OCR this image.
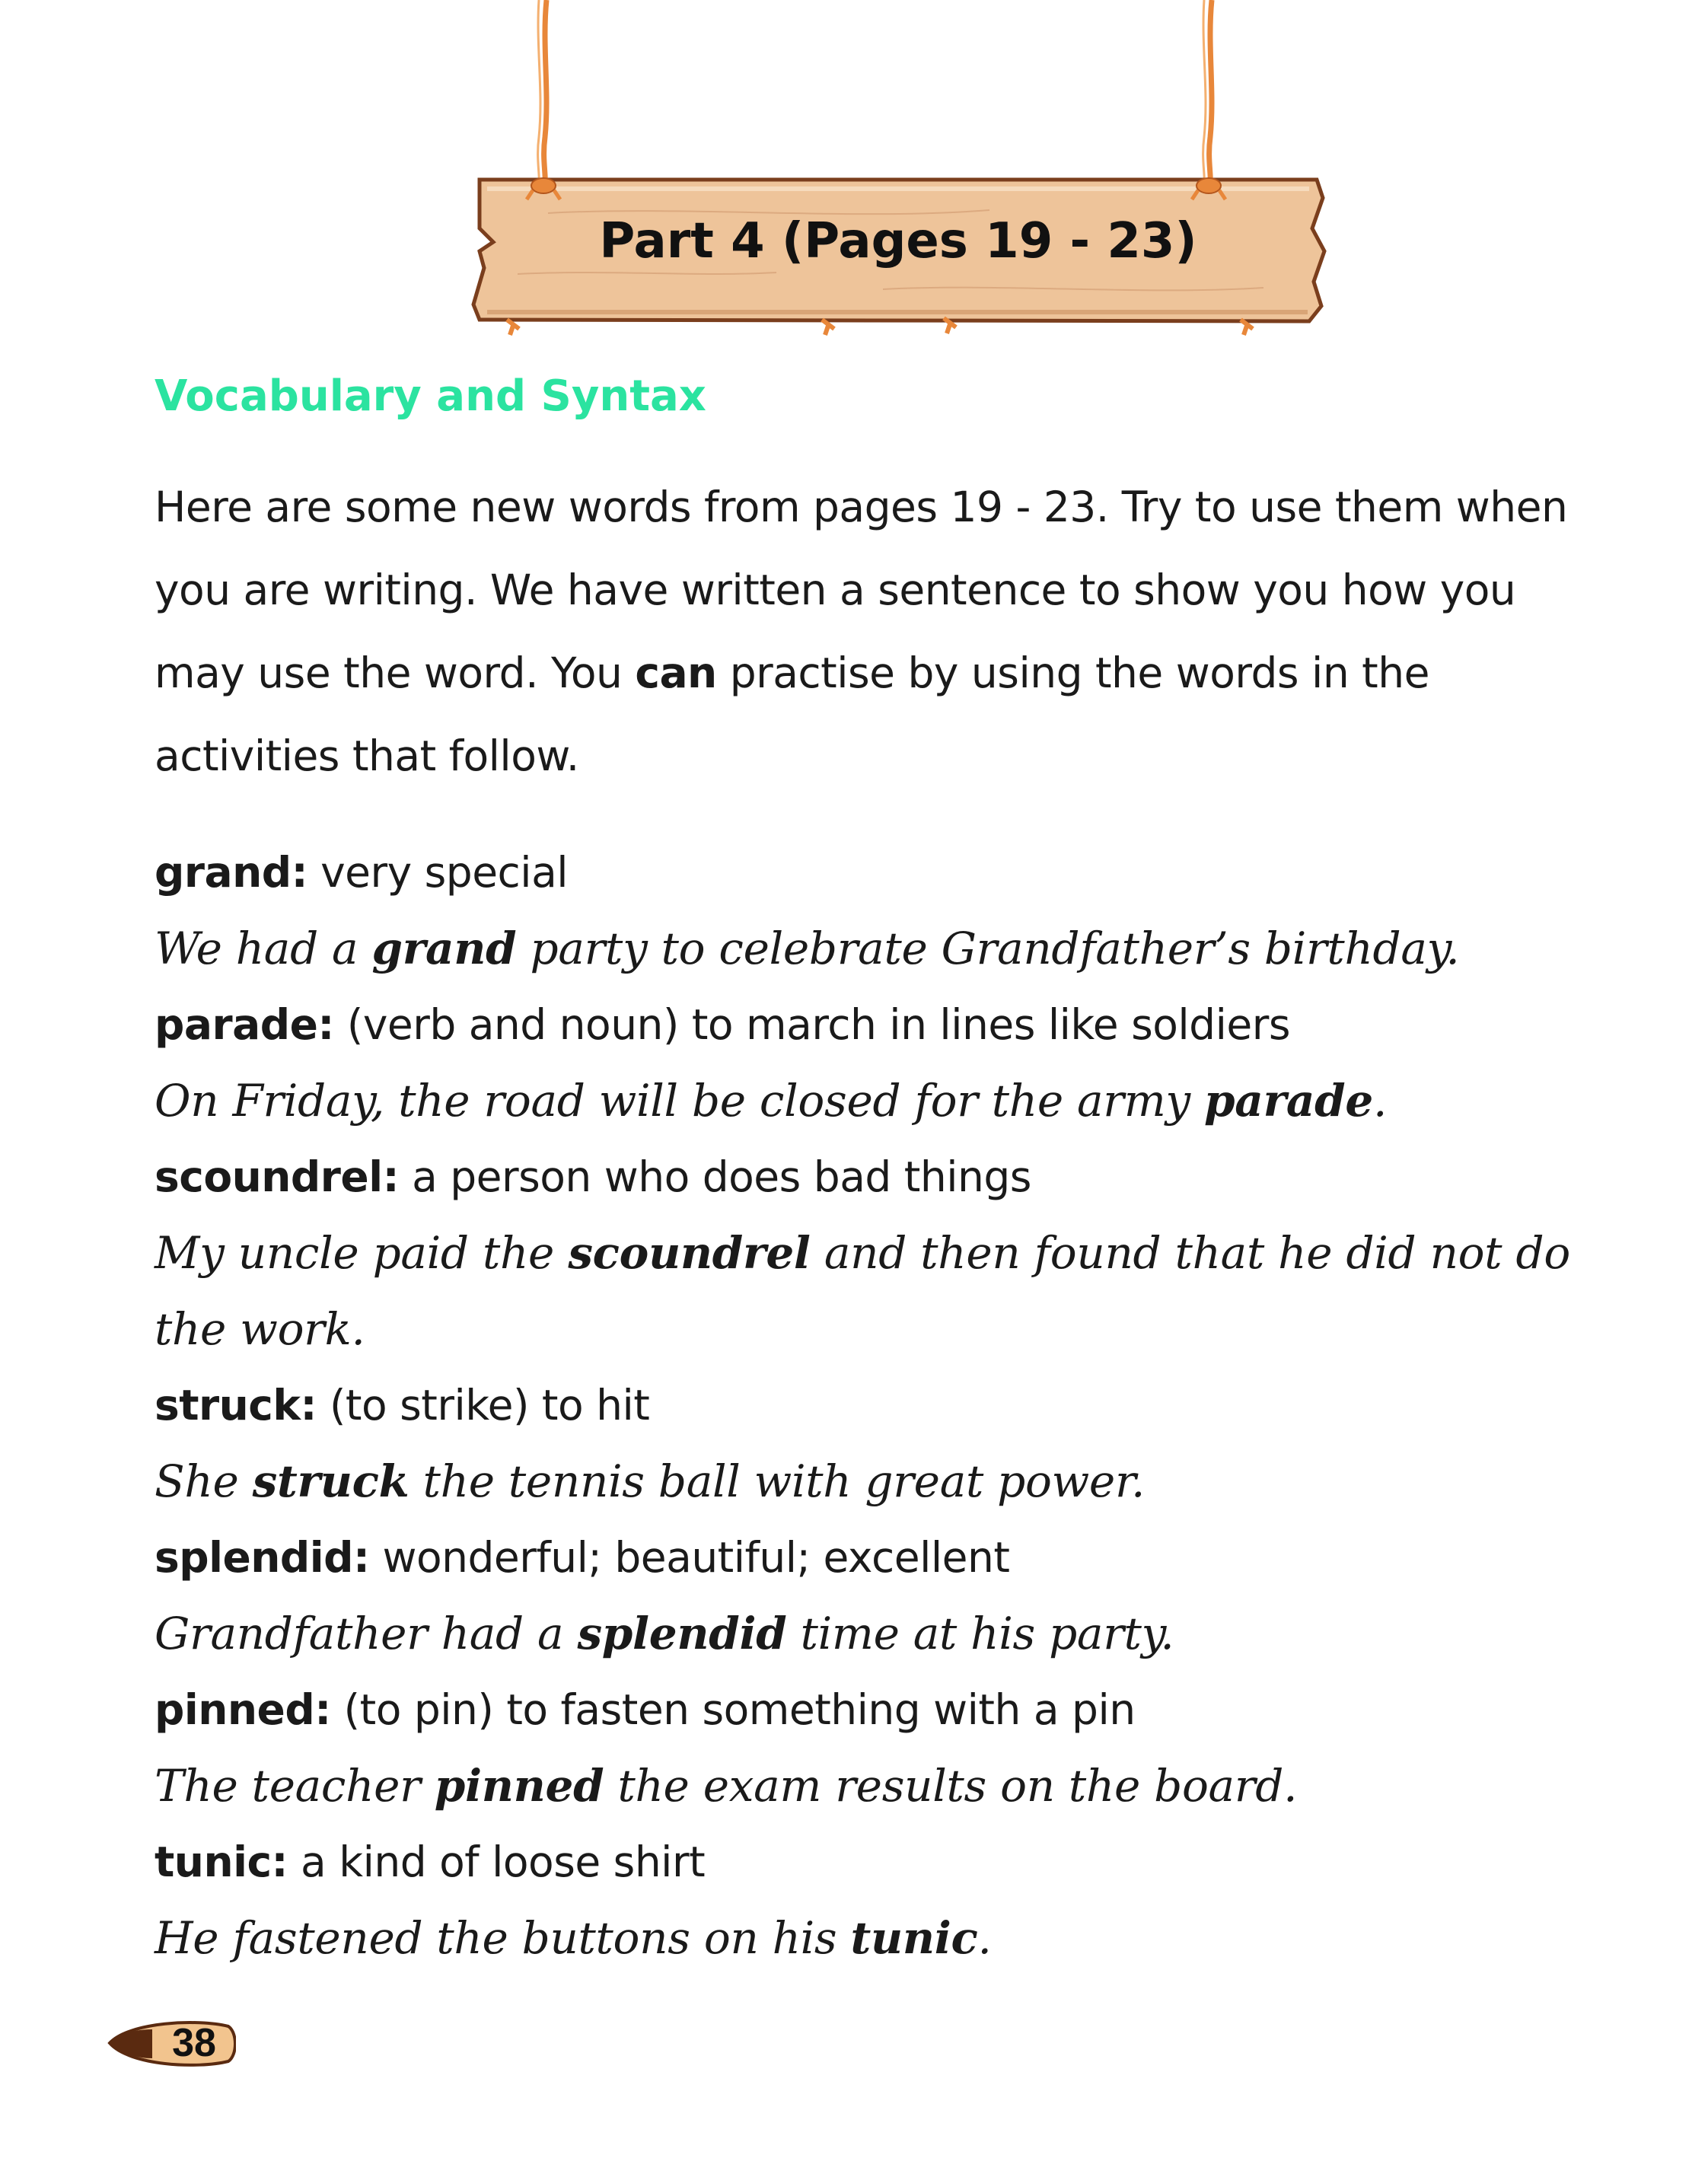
Part 4 (Pages 19 - 23)
Vocabulary and Syntax

Here are some new words from pages 19 - 23. Try to use them when you are writing. We have written a sentence to show you how you may use the word. You can practise by using the words in the activities that follow.

grand: very special

We had a grand party to celebrate Grandfather’s birthday.

parade: (verb and noun) to march in lines like soldiers

On Friday, the road will be closed for the army parade.

scoundrel: a person who does bad things

My uncle paid the scoundrel and then found that he did not do the work.

struck: (to strike) to hit

She struck the tennis ball with great power.

splendid: wonderful; beautiful; excellent

Grandfather had a splendid time at his party.

pinned: (to pin) to fasten something with a pin

The teacher pinned the exam results on the board.

tunic: a kind of loose shirt

He fastened the buttons on his tunic.

38
